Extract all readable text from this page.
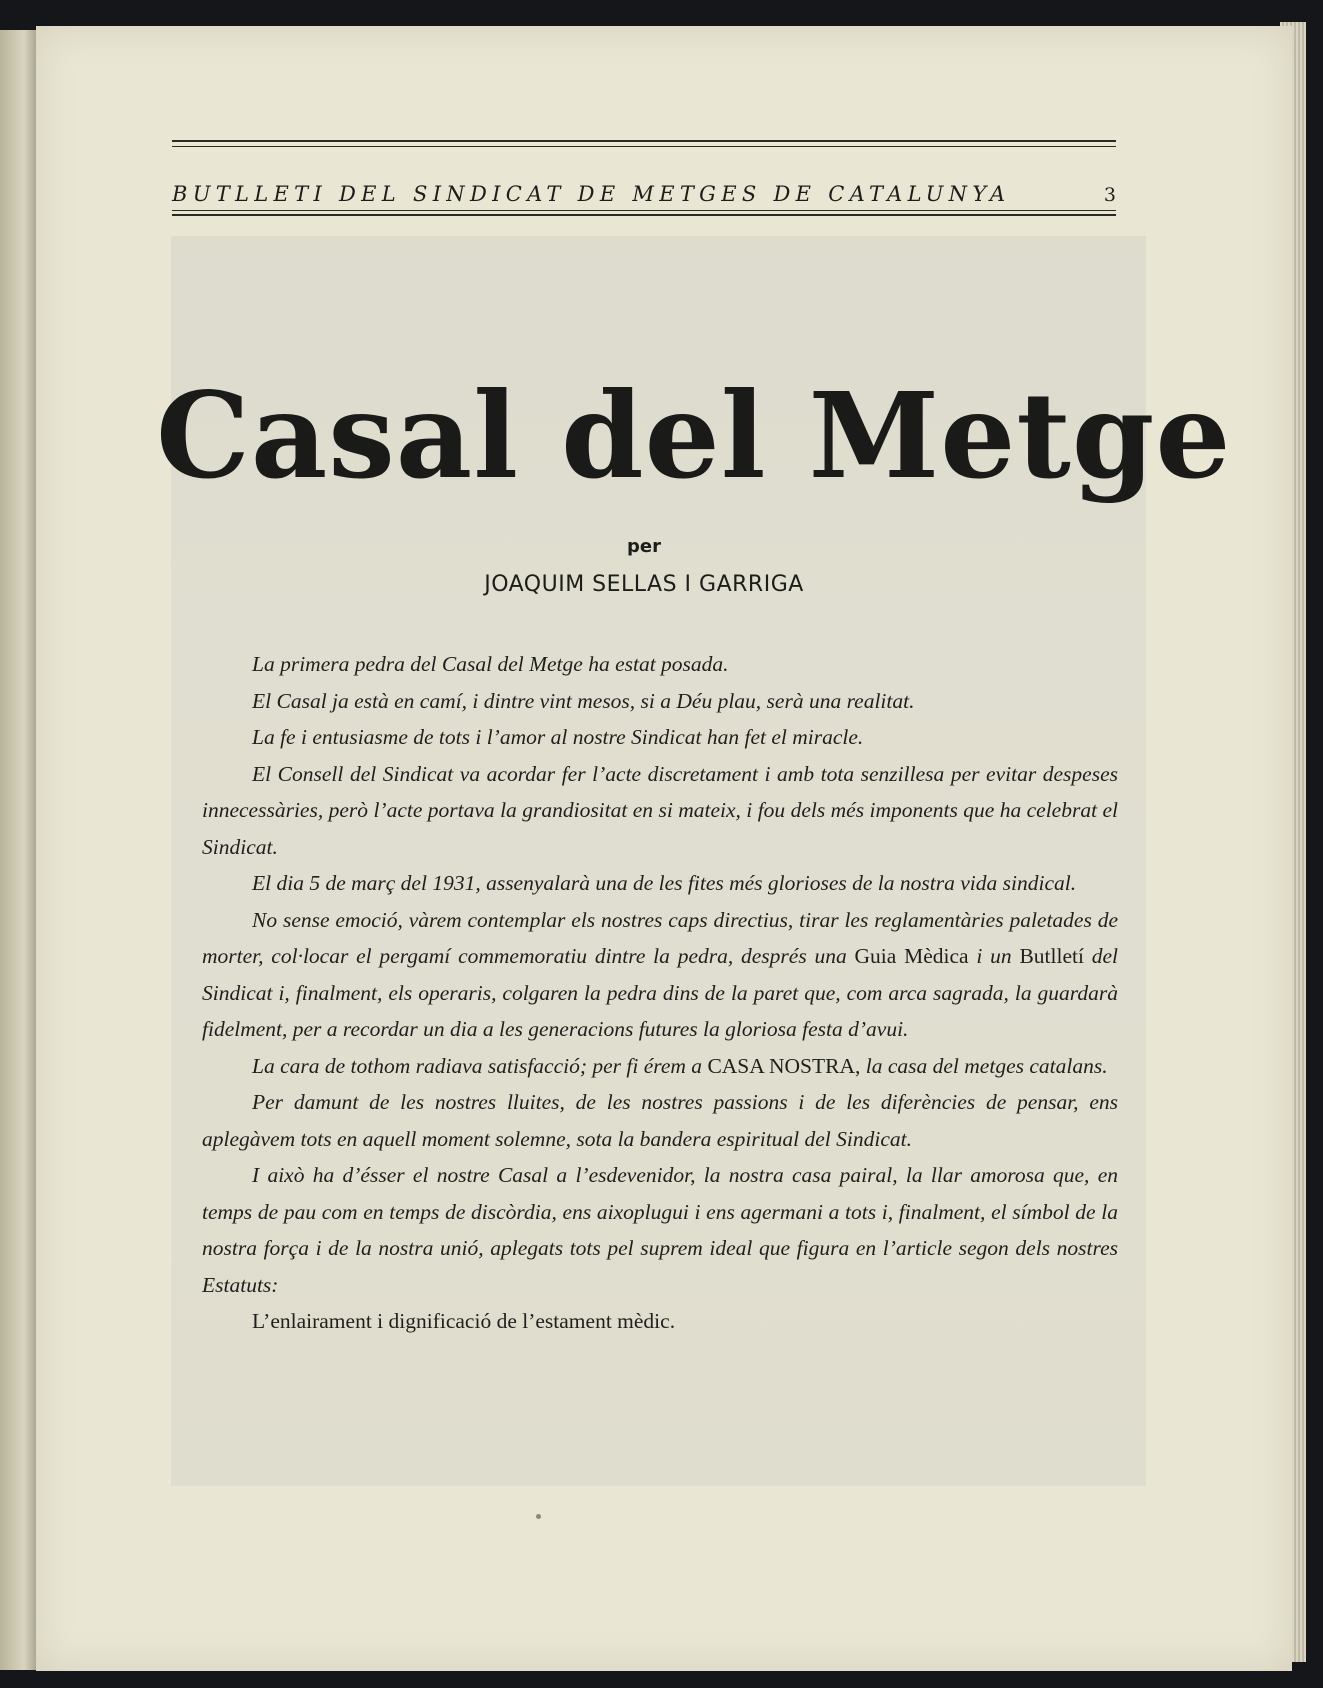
BUTLLETI DEL SINDICAT DE METGES DE CATALUNYA	3
Casal del Metge
per
JOAQUIM SELLAS I GARRIGA

La primera pedra del Casal del Metge ha estat posada.

El Casal ja està en camí, i dintre vint mesos, si a Déu plau, serà una realitat.

La fe i entusiasme de tots i l’amor al nostre Sindicat han fet el miracle.

El Consell del Sindicat va acordar fer l’acte discretament i amb tota senzillesa per evitar despeses innecessàries, però l’acte portava la grandiositat en si mateix, i fou dels més imponents que ha celebrat el Sindicat.

El dia 5 de març del 1931, assenyalarà una de les fites més glorioses de la nostra vida sindical.

No sense emoció, vàrem contemplar els nostres caps directius, tirar les reglamentàries paletades de morter, col·locar el pergamí commemoratiu dintre la pedra, després una Guia Mèdica i un Butlletí del Sindicat i, finalment, els operaris, colgaren la pedra dins de la paret que, com arca sagrada, la guardarà fidelment, per a recordar un dia a les generacions futures la gloriosa festa d’avui.

La cara de tothom radiava satisfacció; per fi érem a CASA NOSTRA, la casa del metges catalans.

Per damunt de les nostres lluites, de les nostres passions i de les diferències de pensar, ens aplegàvem tots en aquell moment solemne, sota la bandera espiritual del Sindicat.

I això ha d’ésser el nostre Casal a l’esdevenidor, la nostra casa pairal, la llar amorosa que, en temps de pau com en temps de discòrdia, ens aixoplugui i ens agermani a tots i, finalment, el símbol de la nostra força i de la nostra unió, aplegats tots pel suprem ideal que figura en l’article segon dels nostres Estatuts:

L’enlairament i dignificació de l’estament mèdic.
